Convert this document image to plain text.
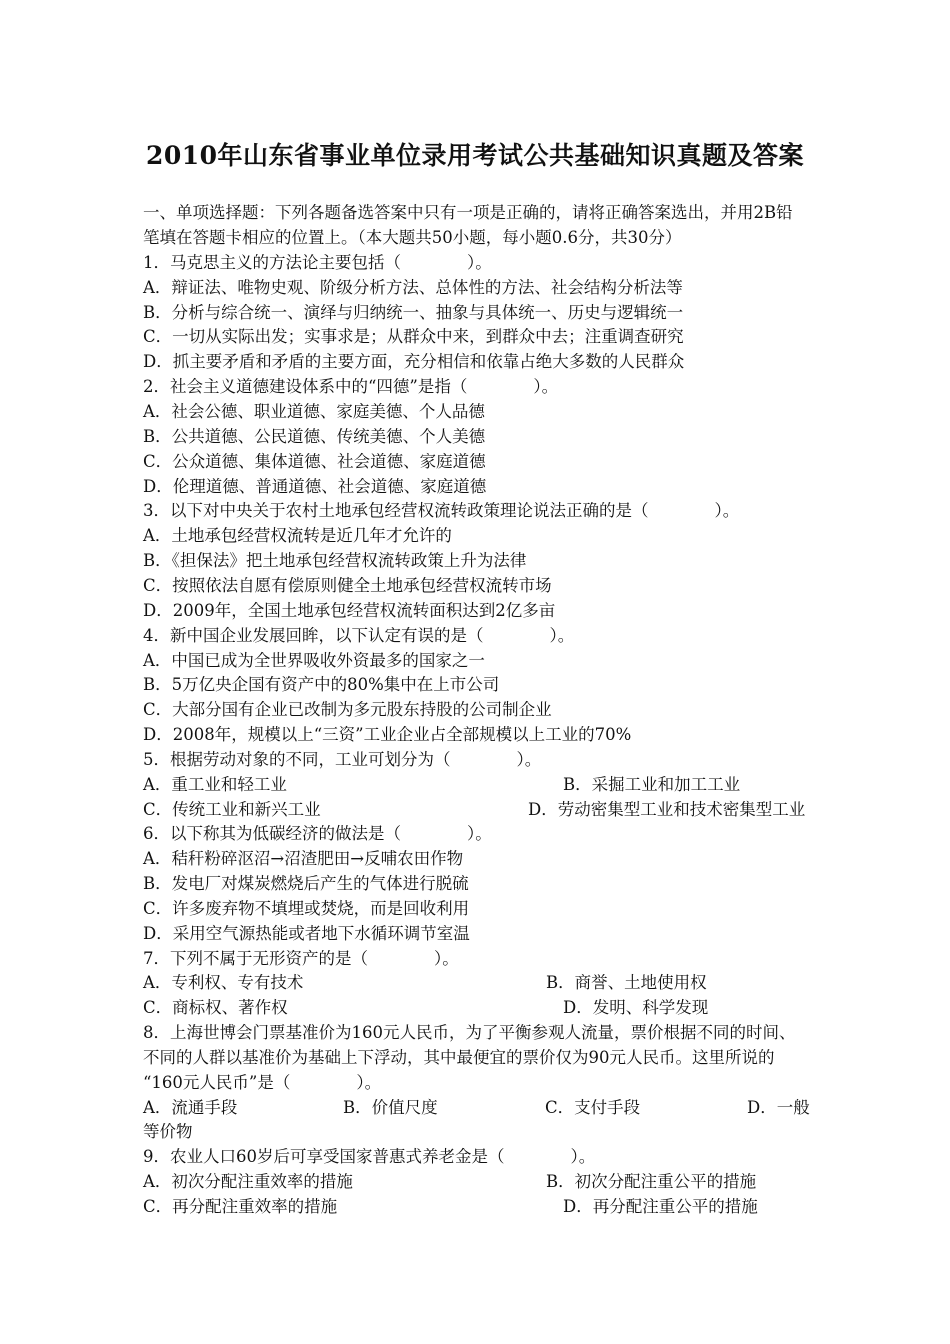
2010年山东省事业单位录用考试公共基础知识真题及答案
一、单项选择题：下列各题备选答案中只有一项是正确的，请将正确答案选出，并用2B铅
笔填在答题卡相应的位置上。（本大题共50小题，每小题0.6分，共30分）
1．马克思主义的方法论主要包括（　　　　）。
A．辩证法、唯物史观、阶级分析方法、总体性的方法、社会结构分析法等
B．分析与综合统一、演绎与归纳统一、抽象与具体统一、历史与逻辑统一
C．一切从实际出发；实事求是；从群众中来，到群众中去；注重调查研究
D．抓主要矛盾和矛盾的主要方面，充分相信和依靠占绝大多数的人民群众
2．社会主义道德建设体系中的“四德”是指（　　　　）。
A．社会公德、职业道德、家庭美德、个人品德
B．公共道德、公民道德、传统美德、个人美德
C．公众道德、集体道德、社会道德、家庭道德
D．伦理道德、普通道德、社会道德、家庭道德
3．以下对中央关于农村土地承包经营权流转政策理论说法正确的是（　　　　）。
A．土地承包经营权流转是近几年才允许的
B．《担保法》把土地承包经营权流转政策上升为法律
C．按照依法自愿有偿原则健全土地承包经营权流转市场
D．2009年，全国土地承包经营权流转面积达到2亿多亩
4．新中国企业发展回眸，以下认定有误的是（　　　　）。
A．中国已成为全世界吸收外资最多的国家之一
B．5万亿央企国有资产中的80%集中在上市公司
C．大部分国有企业已改制为多元股东持股的公司制企业
D．2008年，规模以上“三资”工业企业占全部规模以上工业的70%
5．根据劳动对象的不同，工业可划分为（　　　　）。
A．重工业和轻工业	B．采掘工业和加工工业
C．传统工业和新兴工业	D．劳动密集型工业和技术密集型工业
6．以下称其为低碳经济的做法是（　　　　）。
A．秸秆粉碎沤沼→沼渣肥田→反哺农田作物
B．发电厂对煤炭燃烧后产生的气体进行脱硫
C．许多废弃物不填埋或焚烧，而是回收利用
D．采用空气源热能或者地下水循环调节室温
7．下列不属于无形资产的是（　　　　）。
A．专利权、专有技术	B．商誉、土地使用权
C．商标权、著作权	D．发明、科学发现
8．上海世博会门票基准价为160元人民币，为了平衡参观人流量，票价根据不同的时间、
不同的人群以基准价为基础上下浮动，其中最便宜的票价仅为90元人民币。这里所说的
“160元人民币”是（　　　　）。
A．流通手段	B．价值尺度	C．支付手段	D．一般
等价物
9．农业人口60岁后可享受国家普惠式养老金是（　　　　）。
A．初次分配注重效率的措施	B．初次分配注重公平的措施
C．再分配注重效率的措施	D．再分配注重公平的措施
